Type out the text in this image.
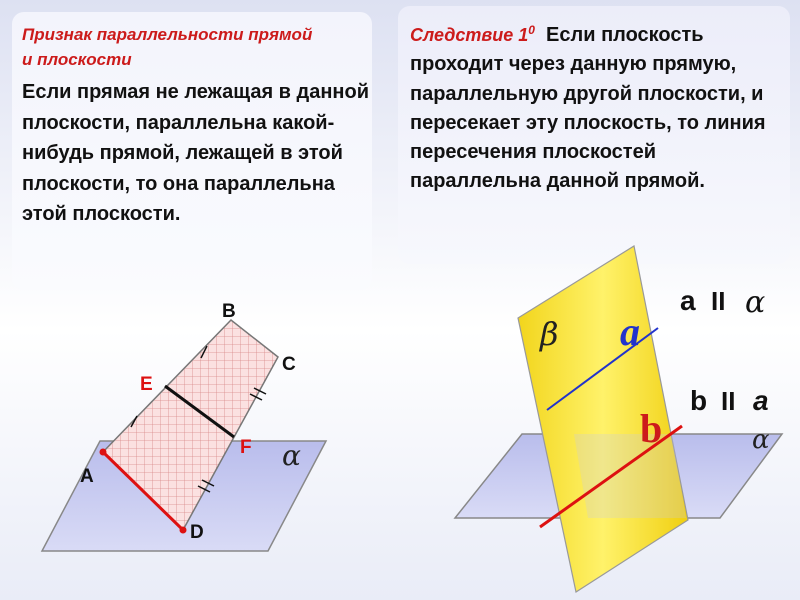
Признак параллельности прямой и плоскости
Если прямая не лежащая в данной плоскости, параллельна какой-нибудь прямой, лежащей в этой плоскости, то она параллельна этой плоскости.
Следствие $1^0$ Если плоскость проходит через данную прямую, параллельную другой плоскости, и пересекает эту плоскость, то линия пересечения плоскостей параллельна данной прямой.
B
C
E
F
A
D
α
β a
b	α
a II α
b II a
